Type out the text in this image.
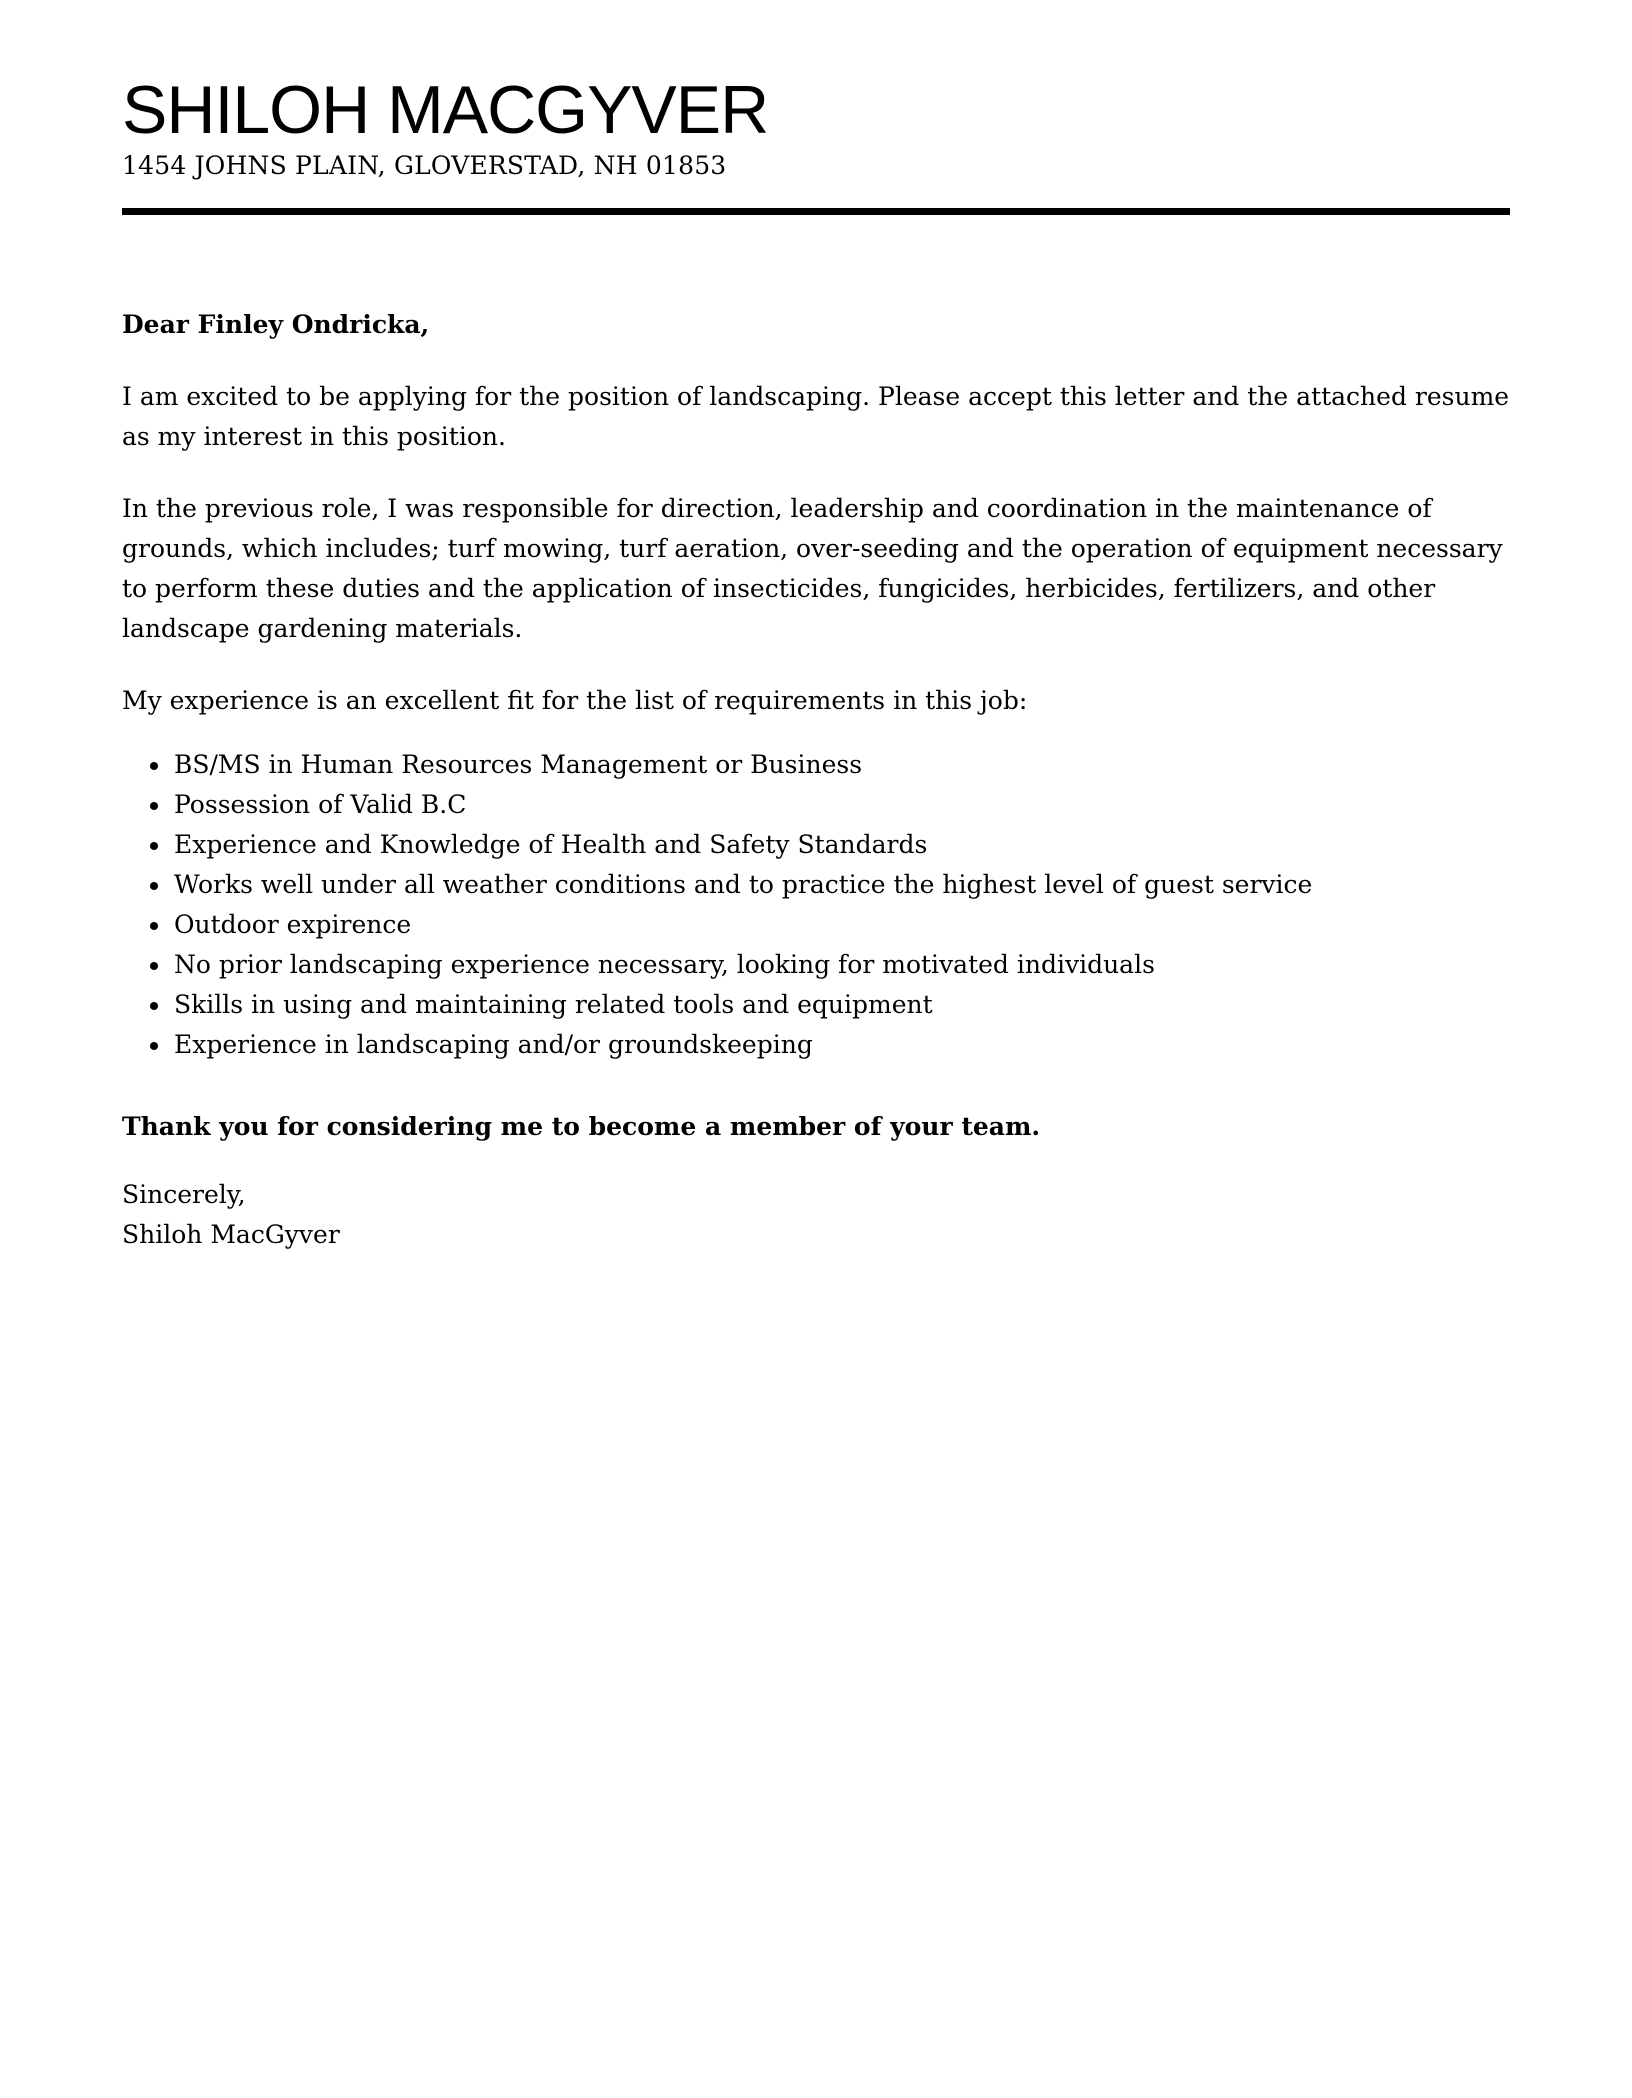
SHILOH MACGYVER

1454 JOHNS PLAIN, GLOVERSTAD, NH 01853

Dear Finley Ondricka,

I am excited to be applying for the position of landscaping. Please accept this letter and the attached resume as my interest in this position.

In the previous role, I was responsible for direction, leadership and coordination in the maintenance of grounds, which includes; turf mowing, turf aeration, over-seeding and the operation of equipment necessary to perform these duties and the application of insecticides, fungicides, herbicides, fertilizers, and other landscape gardening materials.

My experience is an excellent fit for the list of requirements in this job:

• BS/MS in Human Resources Management or Business
• Possession of Valid B.C
• Experience and Knowledge of Health and Safety Standards
• Works well under all weather conditions and to practice the highest level of guest service
• Outdoor expirence
• No prior landscaping experience necessary, looking for motivated individuals
• Skills in using and maintaining related tools and equipment
• Experience in landscaping and/or groundskeeping

Thank you for considering me to become a member of your team.

Sincerely,
Shiloh MacGyver
